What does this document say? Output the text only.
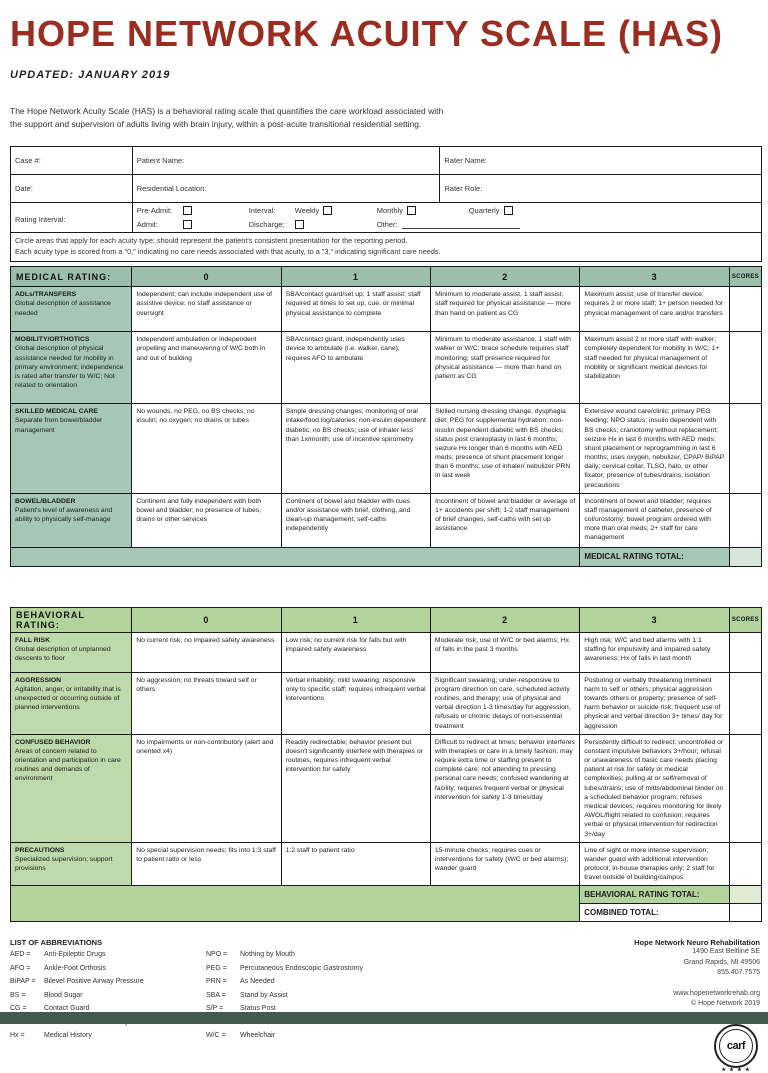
HOPE NETWORK ACUITY SCALE (HAS)
UPDATED: JANUARY 2019

The Hope Network Acuity Scale (HAS) is a behavioral rating scale that quantifies the care workload associated with the support and supervision of adults living with brain injury, within a post-acute transitional residential setting.

Case #:	Patient Name:	Rater Name:
Date:	Residential Location:	Rater Role:
Rating Interval:	
Pre-Admit:	Interval:	Weekly	Monthly	Quarterly
Admit:	Discharge:	Other:

Circle areas that apply for each acuity type; should represent the patient's consistent presentation for the reporting period.
Each acuity type is scored from a "0," indicating no care needs associated with that acuity, to a "3," indicating significant care needs.		
MEDICAL RATING:	0	1	2	3	SCORES

ADLs/TRANSFERS
Global description of assistance needed	Independent; can include independent use of assistive device; no staff assistance or oversight	SBA/contact guard/set up; 1 staff assist; staff required at times to set up, cue, or minimal physical assistance to complete	Minimum to moderate assist, 1 staff assist; staff required for physical assistance — more than hand on patient as CG	Maximum assist; use of transfer device; requires 2 or more staff; 1+ person needed for physical management of care and/or transfers	

MOBILITY/ORTHOTICS
Global description of physical assistance needed for mobility in primary environment; independence is rated after transfer to W/C; Not related to orientation	Independent ambulation or independent propelling and maneuvering of W/C both in and out of building	SBA/contact guard, independently uses device to ambulate (i.e. walker, cane); requires AFO to ambulate	Minimum to moderate assistance, 1 staff with walker or W/C; brace schedule requires staff monitoring; staff presence required for physical assistance — more than hand on patient as CG	Maximum assist 2 or more staff with walker; completely dependent for mobility in W/C; 1+ staff needed for physical management of mobility or significant medical devices for stabilization	

SKILLED MEDICAL CARE
Separate from bowel/bladder management
	No wounds, no PEG, no BS checks, no insulin; no oxygen; no drains or tubes	Simple dressing changes; monitoring of oral intake/food log/calories; non-insulin dependent diabetic; no BS checks; use of inhaler less than 1x/month; use of incentive spirometry	Skilled nursing dressing change, dysphagia diet; PEG for supplemental hydration; non-insulin dependent diabetic with BS checks; status post cranioplasty in last 6 months; seizure Hx longer than 6 months with AED meds; presence of shunt placement longer than 6 months; use of inhaler/ nebulizer PRN in last week	Extensive wound care/clinic; primary PEG feeding; NPO status; insulin dependent with BS checks; craniotomy without replacement; seizure Hx in last 6 months with AED meds; shunt placement or reprogramming in last 6 months; uses oxygen, nebulizer, CPAP/ BiPAP daily; cervical collar, TLSO, halo, or other fixator; presence of tubes/drains; isolation precautions	

BOWEL/BLADDER
Patient's level of awareness and ability to physically self-manage	Continent and fully independent with both bowel and bladder; no presence of tubes, drains or other services	Continent of bowel and bladder with cues and/or assistance with brief, clothing, and clean-up management; self-caths independently	Incontinent of bowel and bladder or average of 1+ accidents per shift; 1-2 staff management of brief changes, self-caths with set up assistance	Incontinent of bowel and bladder; requires staff management of catheter, presence of col/urostomy; bowel program ordered with more than oral meds; 2+ staff for care management	
				MEDICAL RATING TOTAL:	
BEHAVIORAL RATING:	0	1	2	3	SCORES

FALL RISK
Global description of unplanned descents to floor	No current risk; no impaired safety awareness	Low risk; no current risk for falls but with impaired safety awareness	Moderate risk; use of W/C or bed alarms; Hx of falls in the past 3 months	High risk; W/C and bed alarms with 1:1 staffing for impulsivity and impaired safety awareness; Hx of falls in last month	

AGGRESSION
Agitation, anger, or irritability that is unexpected or occurring outside of planned interventions
	No aggression; no threats toward self or others	Verbal irritability; mild swearing; responsive only to specific staff; requires infrequent verbal interventions	Significant swearing; under-responsive to program direction on care, scheduled activity routines, and therapy; use of physical and verbal direction 1-3 times/day for aggression, refusals or chronic delays of non-essential treatment	Posturing or verbally threatening imminent harm to self or others; physical aggression towards others or property; presence of self-harm behavior or suicide risk; frequent use of physical and verbal direction 3+ times/ day for aggression	

CONFUSED BEHAVIOR
Areas of concern related to orientation and participation in care routines and demands of environment
	No impairments or non-contributory (alert and oriented x4)	Readily redirectable; behavior present but doesn't significantly interfere with therapies or routines, requires infrequent verbal intervention for safety	Difficult to redirect at times; behavior interferes with therapies or care in a timely fashion; may require extra time or staffing present to complete care; not attending to pressing personal care needs; confused wandering at facility; requires frequent verbal or physical intervention for safety 1-3 times/day	Persistently difficult to redirect; uncontrolled or constant impulsive behaviors 3+/hour; refusal or unawareness of basic care needs placing patient at risk for safety or medical complexities; pulling at or self/removal of tubes/drains; use of mitts/abdominal binder on a scheduled behavior program; refuses medical devices; requires monitoring for likely AWOL/flight related to confusion; requires verbal or physical intervention for redirection 3+/day	

PRECAUTIONS
Specialized supervision; support provisions	No special supervision needs; fits into 1:3 staff to patient ratio or less	1:2 staff to patient ratio	15-minute checks; requires cues or interventions for safety (W/C or bed alarms); wander guard	Line of sight or more intense supervision; wander guard with additional intervention protocol; in-house therapies only; 2 staff for travel outside of building/campus	
				BEHAVIORAL RATING TOTAL:	
				COMBINED TOTAL:	
LIST OF ABBREVIATIONS
AED =	Anti-Epileptic Drugs
AFO =	Ankle-Foot Orthosis
BiPAP =	Bilevel Positive Airway Pressure
BS =	Blood Sugar
CG =	Contact Guard
Hx =	Medical History
NPO =	Nothing by Mouth
PEG =	Percutaneous Endoscopic Gastrostomy
PRN =	As Needed
SBA =	Stand by Assist
S/P =	Status Post
W/C =	Wheelchair
Hope Network Neuro Rehabilitation
1490 East Beltline SE
Grand Rapids, MI 49506
855.407.7575
www.hopenetworkrehab.org
© Hope Network 2019
carf
★ ★ ★ ★
